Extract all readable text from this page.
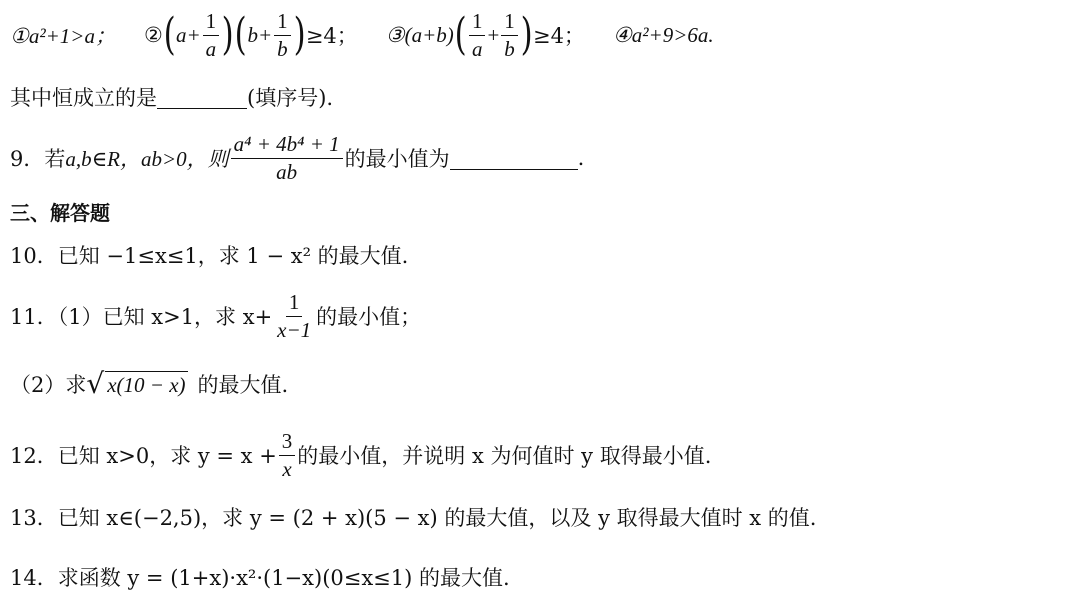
①a²+1>a； ② ( $a+ \frac{1}{a}$ ) ( $b+ \frac{1}{b}$ ) ≥4； ③(a+b) ( $\frac{1}{a} + \frac{1}{b}$ ) ≥4； ④a²+9>6a.
其中恒成立的是	(填序号).
9．若 a,b∈R，ab>0，则 $\frac{\text{a⁴ + 4b⁴ + 1}}{ab}$ 的最小值为	.
三、解答题
10．已知 −1≤x≤1，求 1 − x² 的最大值.
11．（1）已知 x>1，求 $x+ \frac{1}{x-1}$ 的最小值；
（2）求 √ x(10 − x) 的最大值.
12．已知 x>0，求 $y = x + \frac{3}{x}$ 的最小值，并说明 x 为何值时 y 取得最小值.
13．已知 x∈(−2,5)，求 y = (2 + x)(5 − x) 的最大值，以及 y 取得最大值时 x 的值.
14．求函数 y = (1+x)·x²·(1−x)(0≤x≤1) 的最大值.
